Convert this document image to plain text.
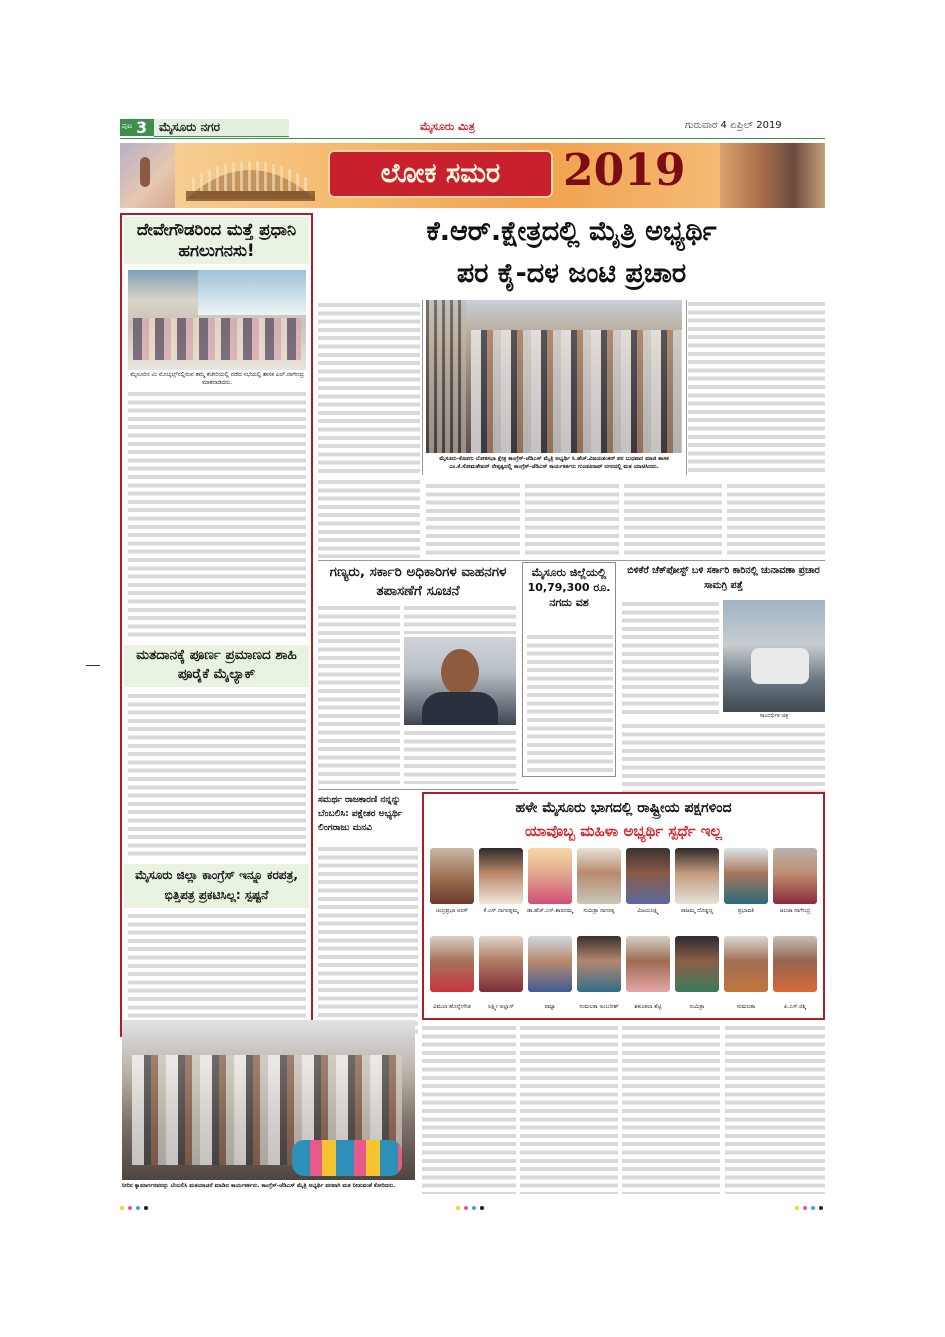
ಪುಟ 3 ಮೈಸೂರು ನಗರ	ಮೈಸೂರು ಮಿತ್ರ	ಗುರುವಾರ 4 ಏಪ್ರಿಲ್ 2019
ಲೋಕ ಸಮರ	2019
ದೇವೇಗೌಡರಿಂದ ಮತ್ತೆ ಪ್ರಧಾನಿ ಹಗಲುಗನಸು!
ಮೈಸೂರಿನ ಮಿ ಮೊಬೈಲ್ಸ್‌ನಲ್ಲಿರುವ ತಮ್ಮ ಕಚೇರಿಯಲ್ಲಿ ನಡೆದ ಸಭೆಯಲ್ಲಿ ಶಾಸಕ ಎಲ್.ನಾಗೇಂದ್ರ ಮಾತನಾಡಿದರು.
ಮತದಾನಕ್ಕೆ ಪೂರ್ಣ ಪ್ರಮಾಣದ ಶಾಹಿ ಪೂರೈಕೆ ಮೈಲ್ಯಾಕ್
ಮೈಸೂರು ಜಿಲ್ಲಾ ಕಾಂಗ್ರೆಸ್ ಇನ್ನೂ ಕರಪತ್ರ, ಭಿತ್ತಿಪತ್ರ ಪ್ರಕಟಿಸಿಲ್ಲ: ಸ್ಪಷ್ಟನೆ
ಕೆ.ಆರ್.ಕ್ಷೇತ್ರದಲ್ಲಿ ಮೈತ್ರಿ ಅಭ್ಯರ್ಥಿ
ಪರ ಕೈ-ದಳ ಜಂಟಿ ಪ್ರಚಾರ
ಮೈಸೂರು-ಕೊಡಗು ಲೋಕಸಭಾ ಕ್ಷೇತ್ರ ಕಾಂಗ್ರೆಸ್-ಜೆಡಿಎಸ್ ಮೈತ್ರಿ ಅಭ್ಯರ್ಥಿ ಸಿ.ಹೆಚ್.ವಿಜಯಶಂಕರ್ ಪರ ಬುಧವಾರ ಮಾಜಿ ಶಾಸಕ ಎಂ.ಕೆ.ಸೋಮಶೇಖರ್ ನೇತೃತ್ವದಲ್ಲಿ ಕಾಂಗ್ರೆಸ್-ಜೆಡಿಎಸ್ ಕಾರ್ಯಕರ್ತರು ಗುಂಡೂರಾವ್ ನಗರದಲ್ಲಿ ಮತ ಯಾಚಿಸಿದರು.
ಗಣ್ಯರು, ಸರ್ಕಾರಿ ಅಧಿಕಾರಿಗಳ ವಾಹನಗಳ ತಪಾಸಣೆಗೆ ಸೂಚನೆ
ಮೈಸೂರು ಜಿಲ್ಲೆಯಲ್ಲಿ 10,79,300 ರೂ. ನಗದು ವಶ
ಬಿಳಿಕೆರೆ ಚೆಕ್‌ಪೋಸ್ಟ್ ಬಳಿ ಸರ್ಕಾರಿ ಕಾರಿನಲ್ಲಿ ಚುನಾವಣಾ ಪ್ರಚಾರ ಸಾಮಗ್ರಿ ಪತ್ತೆ
ಸಾಂದರ್ಭಿಕ ಚಿತ್ರ
ಸಮರ್ಥ ರಾಜಕಾರಣಿ ನನ್ನನ್ನು ಬೆಂಬಲಿಸಿ: ಪಕ್ಷೇತರ ಅಭ್ಯರ್ಥಿ ಲಿಂಗರಾಜು ಮನವಿ
ಹಳೇ ಮೈಸೂರು ಭಾಗದಲ್ಲಿ ರಾಷ್ಟ್ರೀಯ ಪಕ್ಷಗಳಿಂದ
ಯಾವೊಬ್ಬ ಮಹಿಳಾ ಅಭ್ಯರ್ಥಿ ಸ್ಪರ್ಧೆ ಇಲ್ಲ
ಚಂದ್ರಪ್ರಭಾ ಅರಸ್	ಕೆ.ಎಸ್.ನಾಗರತ್ನಮ್ಮ	ಡಾ.ಹೆಚ್.ಎಸ್.ಶಾರದಮ್ಮ	ಸುಮಿತ್ರಾ ನಾಗರತ್ನ	ವಿಜಯಲಕ್ಷ್ಮಿ	ರಾಜಮ್ಮ ದೊಡ್ಡಣ್ಣ	ಪ್ರಭಾವತಿ	ಜಲಜಾ ನಾಗೇಂದ್ರ
ವಿಮಲಾ ಹೊನ್ನೇಗೌಡ	ಲಕ್ಷ್ಮೀ ಅಲ್ಲಾಸ್	ರಮ್ಯಾ	ಸುಮಲತಾ ಅಂಬರೀಶ್	ಶಕುಂತಲಾ ಶೆಟ್ಟಿ	ಸುಮಿತ್ರಾ	ಸುಮಲತಾ	ಪಿ.ಎಸ್.ರಶ್ಮಿ
ನೀರಿನ ಕ್ಯಾಮಾರ್ಗನವರನ್ನು ಬೆಂಬಲಿಸಿ ಮತಯಾಚನೆ ಮಾಡಿದ ಕಾರ್ಯಕರ್ತರು. ಕಾಂಗ್ರೆಸ್-ಜೆಡಿಎಸ್ ಮೈತ್ರಿ ಅಭ್ಯರ್ಥಿ ಪರವಾಗಿ ಮತ ನೀಡುವಂತೆ ಕೋರಿದರು.
